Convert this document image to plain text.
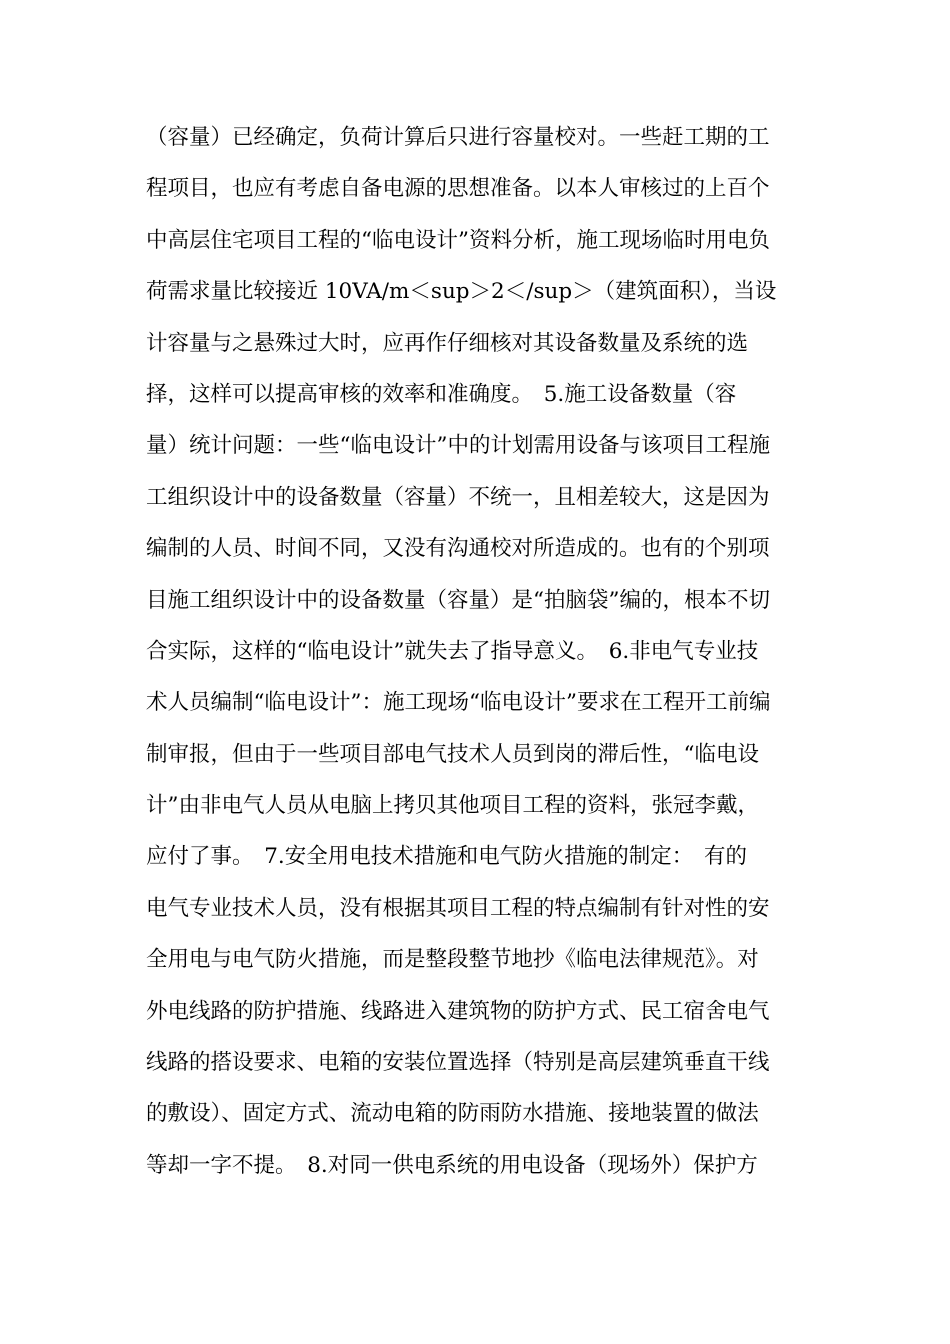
（容量）已经确定，负荷计算后只进行容量校对。一些赶工期的工
程项目，也应有考虑自备电源的思想准备。以本人审核过的上百个
中高层住宅项目工程的“临电设计”资料分析，施工现场临时用电负
荷需求量比较接近 10VA/m＜sup＞2＜/sup＞（建筑面积），当设
计容量与之悬殊过大时，应再作仔细核对其设备数量及系统的选
择，这样可以提高审核的效率和准确度。　5.施工设备数量（容
量）统计问题：一些“临电设计”中的计划需用设备与该项目工程施
工组织设计中的设备数量（容量）不统一，且相差较大，这是因为
编制的人员、时间不同，又没有沟通校对所造成的。也有的个别项
目施工组织设计中的设备数量（容量）是“拍脑袋”编的，根本不切
合实际，这样的“临电设计”就失去了指导意义。　6.非电气专业技
术人员编制“临电设计”：施工现场“临电设计”要求在工程开工前编
制审报，但由于一些项目部电气技术人员到岗的滞后性，“临电设
计”由非电气人员从电脑上拷贝其他项目工程的资料，张冠李戴，
应付了事。　7.安全用电技术措施和电气防火措施的制定：　有的
电气专业技术人员，没有根据其项目工程的特点编制有针对性的安
全用电与电气防火措施，而是整段整节地抄《临电法律规范》。对
外电线路的防护措施、线路进入建筑物的防护方式、民工宿舍电气
线路的搭设要求、电箱的安装位置选择（特别是高层建筑垂直干线
的敷设）、固定方式、流动电箱的防雨防水措施、接地装置的做法
等却一字不提。　8.对同一供电系统的用电设备（现场外）保护方
